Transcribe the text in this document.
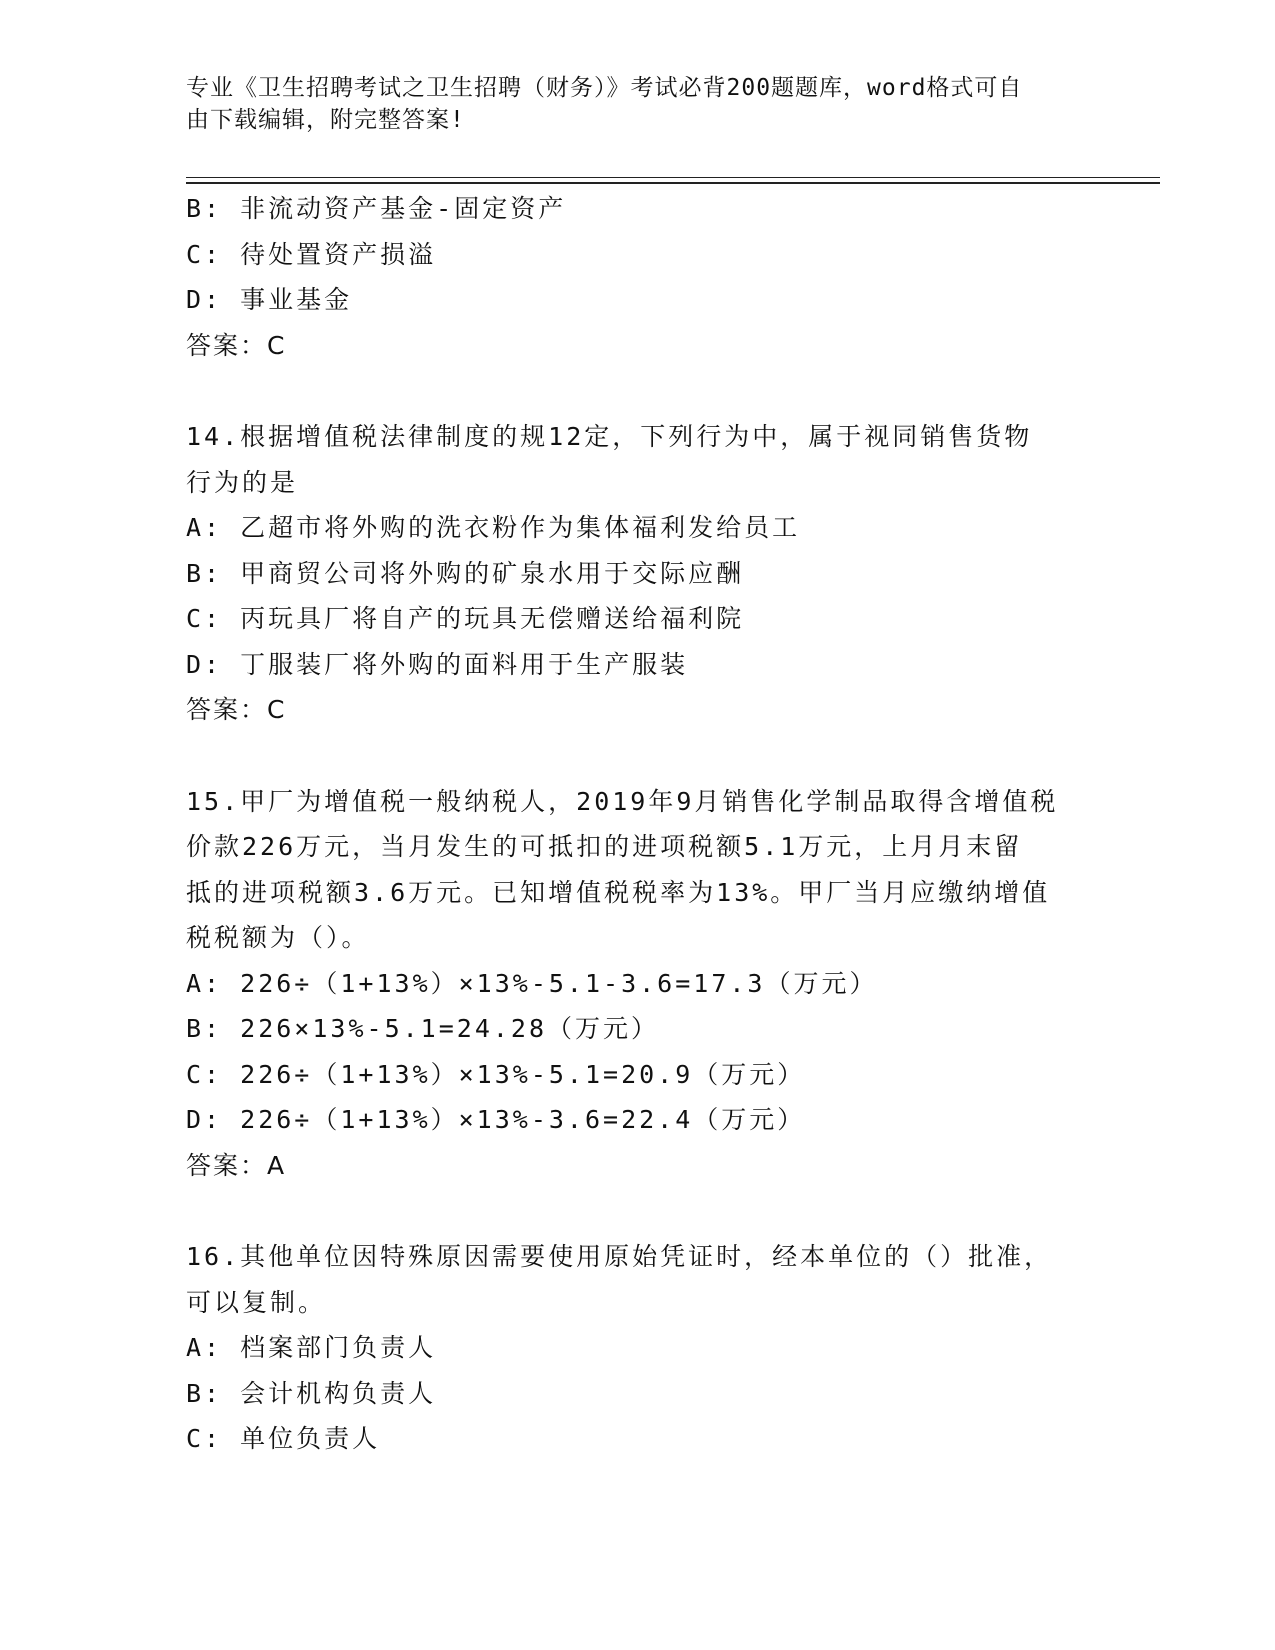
专业《卫生招聘考试之卫生招聘（财务）》考试必背200题题库，word格式可自
由下载编辑，附完整答案!
B: 非流动资产基金-固定资产
C: 待处置资产损溢
D: 事业基金
答案：C
14.根据增值税法律制度的规12定，下列行为中，属于视同销售货物
行为的是
A: 乙超市将外购的洗衣粉作为集体福利发给员工
B: 甲商贸公司将外购的矿泉水用于交际应酬
C: 丙玩具厂将自产的玩具无偿赠送给福利院
D: 丁服装厂将外购的面料用于生产服装
答案：C
15.甲厂为增值税一般纳税人，2019年9月销售化学制品取得含增值税
价款226万元，当月发生的可抵扣的进项税额5.1万元，上月月末留
抵的进项税额3.6万元。已知增值税税率为13%。甲厂当月应缴纳增值
税税额为（）。
A: 226÷（1+13%）×13%-5.1-3.6=17.3（万元）
B: 226×13%-5.1=24.28（万元）
C: 226÷（1+13%）×13%-5.1=20.9（万元）
D: 226÷（1+13%）×13%-3.6=22.4（万元）
答案：A
16.其他单位因特殊原因需要使用原始凭证时，经本单位的（）批准，
可以复制。
A: 档案部门负责人
B: 会计机构负责人
C: 单位负责人
